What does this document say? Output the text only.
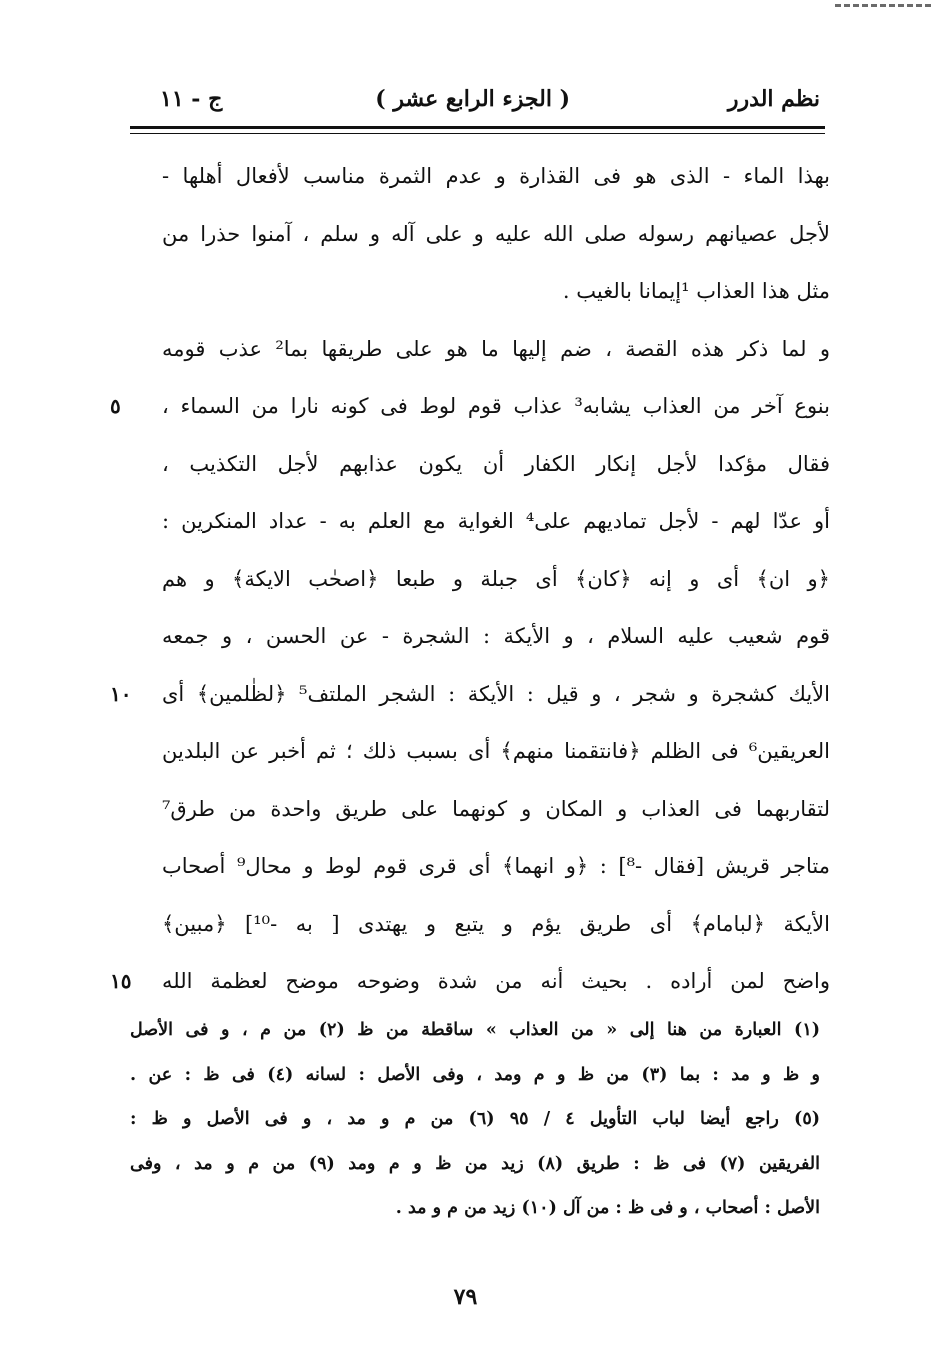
نظم الدرر
( الجزء الرابع عشر )
ج - ١١
بهذا الماء - الذى هو فى القذارة و عدم الثمرة مناسب لأفعال أهلها -
لأجل عصيانهم رسوله صلى الله عليه و على آله و سلم ، آمنوا حذرا من
مثل هذا العذاب ¹إيمانا بالغيب .
و لما ذكر هذه القصة ، ضم إليها ما هو على طريقها بما² عذب قومه
بنوع آخر من العذاب يشابه³ عذاب قوم لوط فى كونه نارا من السماء ،
٥
فقال مؤكدا لأجل إنكار الكفار أن يكون عذابهم لأجل التكذيب ،
أو عدّا لهم - لأجل تماديهم على⁴ الغواية مع العلم به - عداد المنكرين :
﴿و ان﴾ أى و إنه ﴿كان﴾ أى جبلة و طبعا ﴿اصحٰب الايكة﴾ و هم
قوم شعيب عليه السلام ، و الأيكة : الشجرة - عن الحسن ، و جمعه
الأيك كشجرة و شجر ، و قيل : الأيكة : الشجر الملتف⁵ ﴿لظٰلمين﴾ أى
١٠
العريقين⁶ فى الظلم ﴿فانتقمنا منهم﴾ أى بسبب ذلك ؛ ثم أخبر عن البلدين
لتقاربهما فى العذاب و المكان و كونهما على طريق واحدة من طرق⁷
متاجر قريش [فقال -⁸] : ﴿و انهما﴾ أى قرى قوم لوط و محال⁹ أصحاب
الأيكة ﴿لبامام﴾ أى طريق يؤم و يتبع و يهتدى [ به -¹⁰] ﴿مبين﴾
واضح لمن أراده . بحيث أنه من شدة وضوحه موضح لعظمة الله
١٥
(١) العبارة من هنا إلى « من العذاب » ساقطة من ظ (٢) من م ، و فى الأصل
و ظ و مد : بما (٣) من ظ و م ومد ، وفى الأصل : لسانه (٤) فى ظ : عن .
(٥) راجع أيضا لباب التأويل ٤ / ٩٥ (٦) من م و مد ، و فى الأصل و ظ :
الفريقين (٧) فى ظ : طريق (٨) زيد من ظ و م ومد (٩) من م و مد ، وفى
الأصل : أصحاب ، و فى ظ : من آل (١٠) زيد من م و مد .
٧٩
